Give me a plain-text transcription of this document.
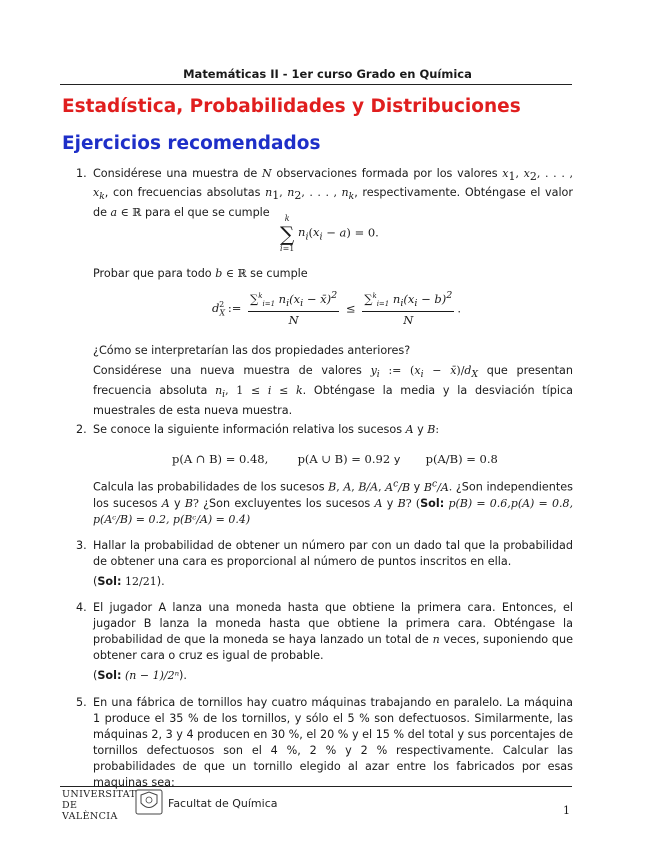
Matemáticas II - 1er curso Grado en Química
Estadística, Probabilidades y Distribuciones
Ejercicios recomendados
1. Considérese una muestra de N observaciones formada por los valores $x_1$, $x_2$, . . . , $x_k$, con frecuencias absolutas $n_1$, $n_2$, . . . , $n_k$, respectivamente. Obténgase el valor de a ∈ ℝ para el que se cumple	k
∑
i=1
$n_i(x_i - a) = 0$.

Probar que para todo b ∈ ℝ se cumple

$d_X^2$ := $\frac{\sum^k_{i=1} n_i(x_i - x̄)^2}{N} \le \frac{\sum^k_{i=1} n_i(x_i - b)^2}{N}$ .

¿Cómo se interpretarían las dos propiedades anteriores?

Considérese una nueva muestra de valores $y_i$ := ($x_i$ − $x̄)/d_X$ que presentan frecuencia absoluta $n_i$, 1 ≤ i ≤ k. Obténgase la media y la desviación típica muestrales de esta nueva muestra.

2. Se conoce la siguiente información relativa los sucesos A y B:

p(A ∩ B) = 0.48,	p(A ∪ B) = 0.92 y p(A/B) = 0.8

Calcula las probabilidades de los sucesos B, A, B/A, $A^c/B$ y $B^c/A$. ¿Son independientes los sucesos A y B? ¿Son excluyentes los sucesos A y B? (Sol: p(B) = 0.6,p(A) = 0.8, p(Aᶜ/B) = 0.2, p(Bᶜ/A) = 0.4)

3. Hallar la probabilidad de obtener un número par con un dado tal que la probabilidad de obtener una cara es proporcional al número de puntos inscritos en ella.

(Sol: 12/21).

4. El jugador A lanza una moneda hasta que obtiene la primera cara. Entonces, el jugador B lanza la moneda hasta que obtiene la primera cara. Obténgase la probabilidad de que la moneda se haya lanzado un total de n veces, suponiendo que obtener cara o cruz es igual de probable.

(Sol: (n − 1)/2ⁿ).

5. En una fábrica de tornillos hay cuatro máquinas trabajando en paralelo. La máquina 1 produce el 35 % de los tornillos, y sólo el 5 % son defectuosos. Similarmente, las máquinas 2, 3 y 4 producen en 30 %, el 20 % y el 15 % del total y sus porcentajes de tornillos defectuosos son el 4 %, 2 % y 2 % respectivamente. Calcular las probabilidades de que un tornillo elegido al azar entre los fabricados por esas maquinas sea:

UNIVERSITAT
DE VALÈNCIA
Facultat de Química
1
